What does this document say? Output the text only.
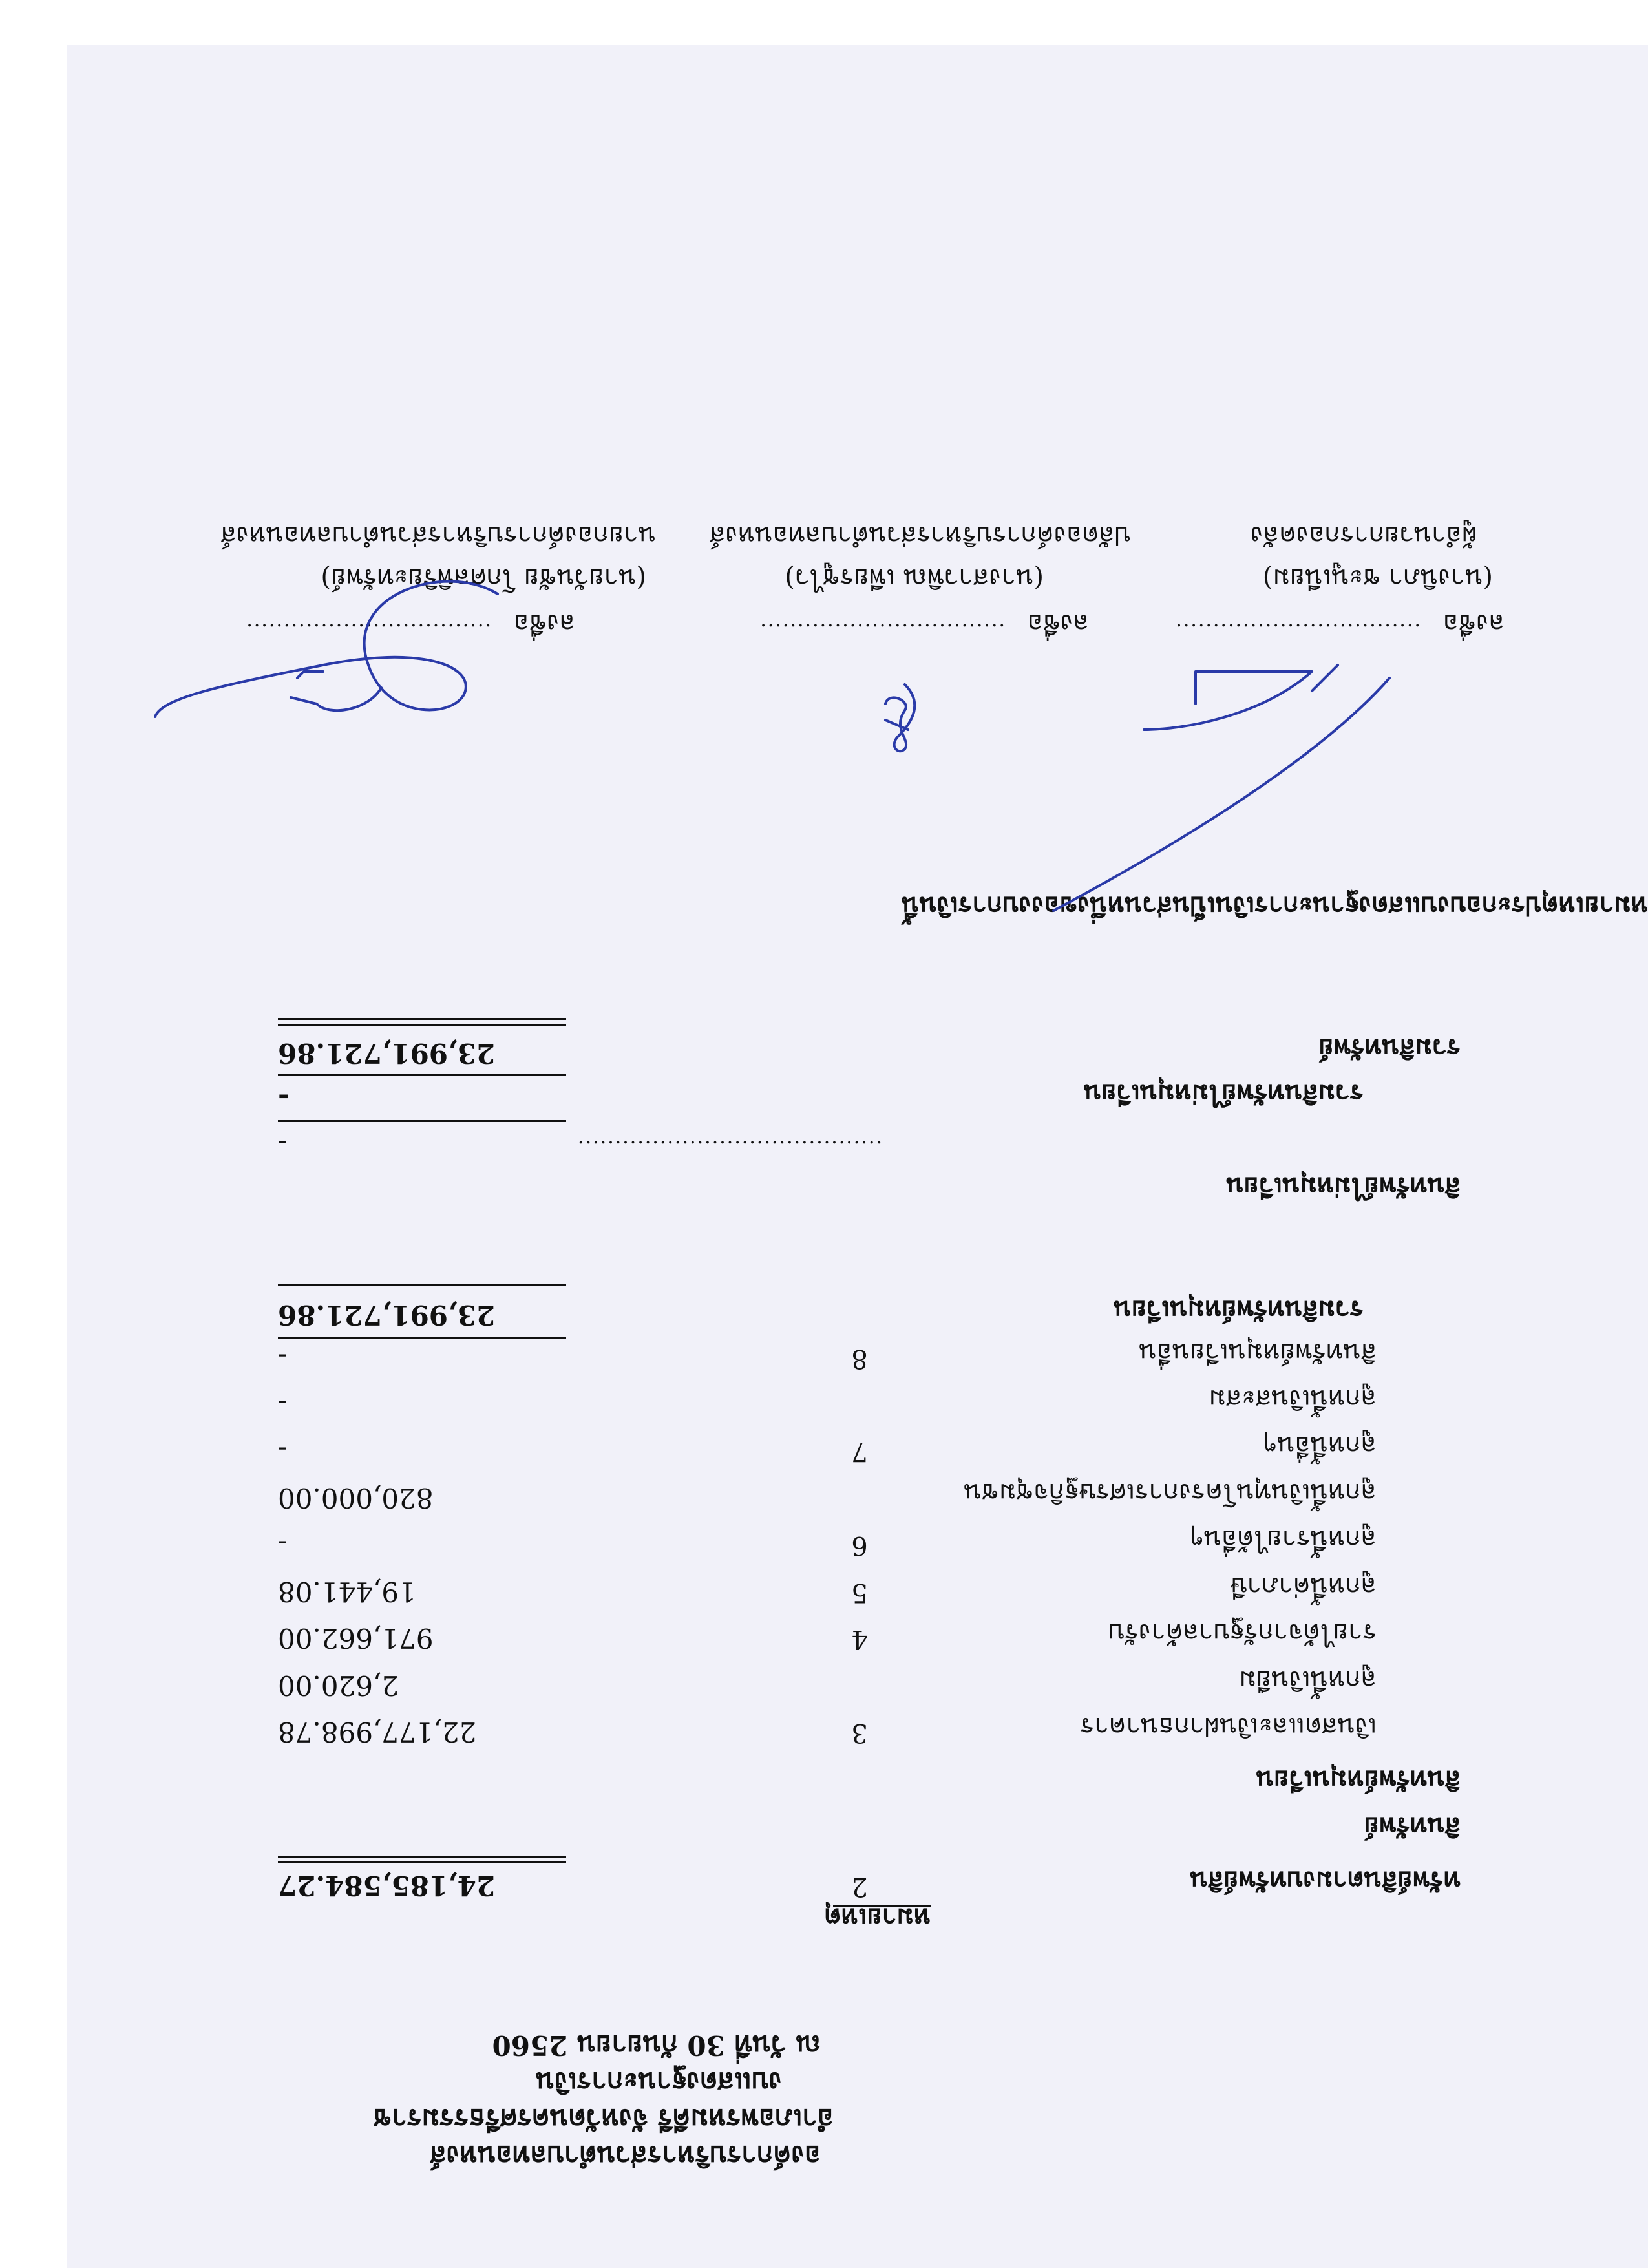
องค์การบริหารส่วนตำบลทอนหงส์
อำเภอพรหมคีรี จังหวัดนครศรีธรรมราช
งบแสดงฐานะการเงิน
ณ วันที่ 30 กันยายน 2560
หมายเหตุ
ทรัพย์สินตามงบทรัพย์สิน
2
24,185,584.27
สินทรัพย์
สินทรัพย์หมุนเวียน
เงินสดและเงินฝากธนาคาร
3
22,177,998.78
ลูกหนี้เงินยืม
2,620.00
รายได้จากรัฐบาลค้างรับ
4
971,662.00
ลูกหนี้ค่าภาษี
5
19,441.08
ลูกหนี้รายได้อื่นๆ
6
-
ลูกหนี้เงินทุนโครงการเศรษฐกิจชุมชน
820,000.00
ลูกหนี้อื่นๆ
7
-
ลูกหนี้เงินสะสม
-
สินทรัพย์หมุนเวียนอื่น
8
-
รวมสินทรัพย์หมุนเวียน
23,991,721.86
สินทรัพย์ไม่หมุนเวียน
.........................................
-
รวมสินทรัพย์ไม่หมุนเวียน
-
รวมสินทรัพย์
23,991,721.86
หมายเหตุประกอบงบแสดงฐานะการเงินเป็นส่วนหนึ่งของงบการเงินนี้
ลงชื่อ
.................................
(นางนิภา ชะนูเนียม)
ผู้อำนวยการกองคลัง
ลงชื่อ
.................................
(นางสาวพิณ เพียรชูไว)
ปลัดองค์การบริหารส่วนตำบลทอนหงส์
ลงชื่อ
.................................
(นายวันชัย โกศลพิริยะทรัพย์)
นายกองค์การบริหารส่วนตำบลทอนหงส์
